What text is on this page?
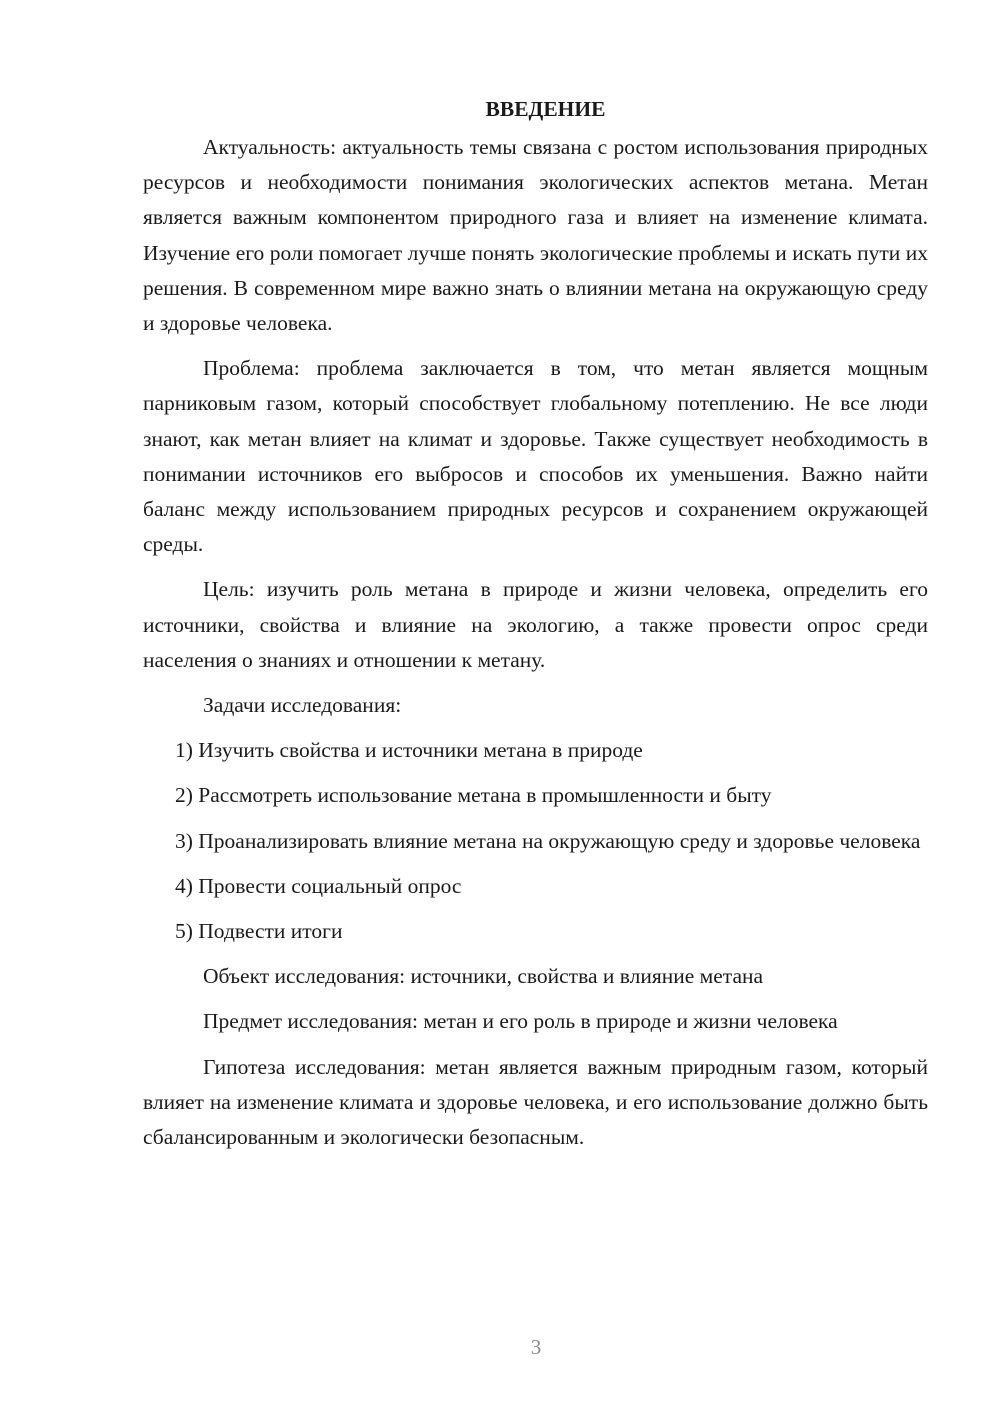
ВВЕДЕНИЕ

Актуальность: актуальность темы связана с ростом использования природных ресурсов и необходимости понимания экологических аспектов метана. Метан является важным компонентом природного газа и влияет на изменение климата. Изучение его роли помогает лучше понять экологические проблемы и искать пути их решения. В современном мире важно знать о влиянии метана на окружающую среду и здоровье человека.

Проблема: проблема заключается в том, что метан является мощным парниковым газом, который способствует глобальному потеплению. Не все люди знают, как метан влияет на климат и здоровье. Также существует необходимость в понимании источников его выбросов и способов их уменьшения. Важно найти баланс между использованием природных ресурсов и сохранением окружающей среды.

Цель: изучить роль метана в природе и жизни человека, определить его источники, свойства и влияние на экологию, а также провести опрос среди населения о знаниях и отношении к метану.

Задачи исследования:

1) Изучить свойства и источники метана в природе

2) Рассмотреть использование метана в промышленности и быту

3) Проанализировать влияние метана на окружающую среду и здоровье человека

4) Провести социальный опрос

5) Подвести итоги

Объект исследования: источники, свойства и влияние метана

Предмет исследования: метан и его роль в природе и жизни человека

Гипотеза исследования: метан является важным природным газом, который влияет на изменение климата и здоровье человека, и его использование должно быть сбалансированным и экологически безопасным.

3
